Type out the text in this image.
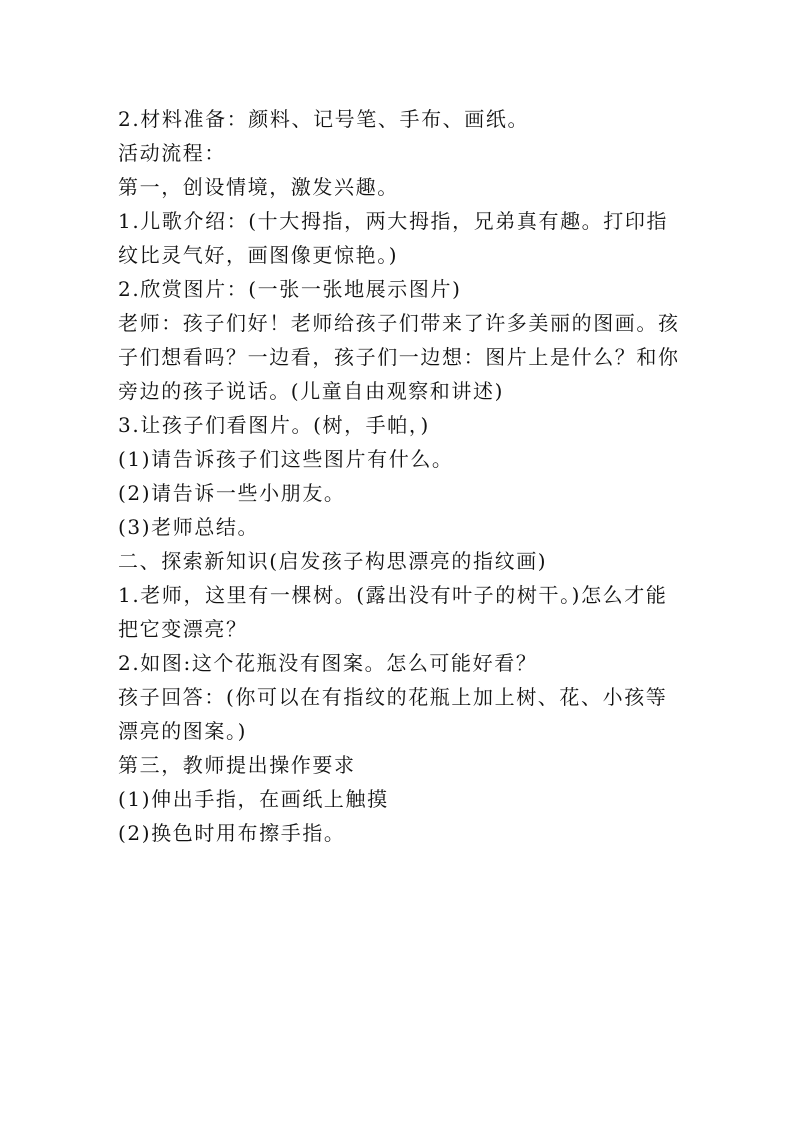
2.材料准备：颜料、记号笔、手布、画纸。

活动流程：

第一，创设情境，激发兴趣。

1.儿歌介绍：(十大拇指，两大拇指，兄弟真有趣。打印指纹比灵气好，画图像更惊艳。)

2.欣赏图片：(一张一张地展示图片)

老师：孩子们好！老师给孩子们带来了许多美丽的图画。孩子们想看吗？一边看，孩子们一边想：图片上是什么？和你旁边的孩子说话。(儿童自由观察和讲述)

3.让孩子们看图片。(树，手帕，)

(1)请告诉孩子们这些图片有什么。

(2)请告诉一些小朋友。

(3)老师总结。

二、探索新知识(启发孩子构思漂亮的指纹画)

1.老师，这里有一棵树。(露出没有叶子的树干。)怎么才能把它变漂亮？

2.如图:这个花瓶没有图案。怎么可能好看？

孩子回答：(你可以在有指纹的花瓶上加上树、花、小孩等漂亮的图案。)

第三，教师提出操作要求

(1)伸出手指，在画纸上触摸

(2)换色时用布擦手指。
